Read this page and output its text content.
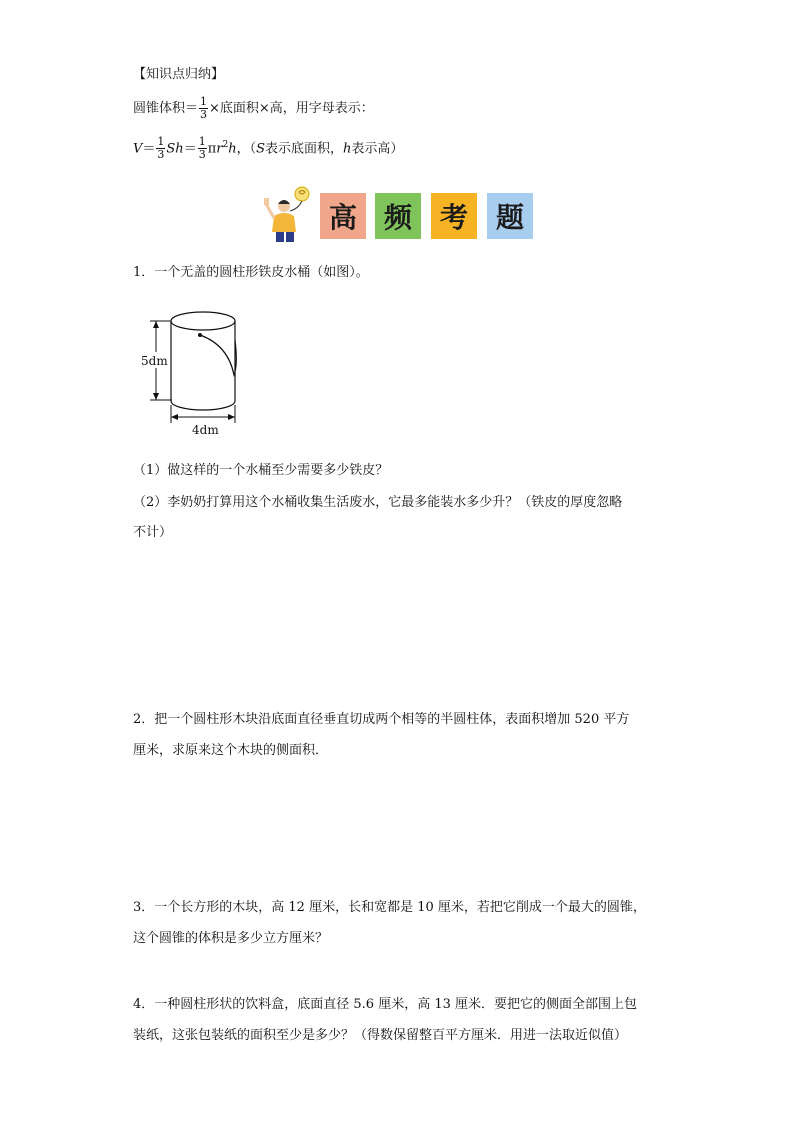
【知识点归纳】
圆锥体积＝ $\frac{1}{3}$ ×底面积×高，用字母表示：
$V= \frac{1}{3} Sh= \frac{1}{3} \pi r^2h$，（S表示底面积，h表示高）
高 频 考 题
1．一个无盖的圆柱形铁皮水桶（如图）。
5dm
4dm
（1）做这样的一个水桶至少需要多少铁皮？
（2）李奶奶打算用这个水桶收集生活废水，它最多能装水多少升？（铁皮的厚度忽略
不计）
2．把一个圆柱形木块沿底面直径垂直切成两个相等的半圆柱体，表面积增加 520 平方
厘米，求原来这个木块的侧面积．
3．一个长方形的木块，高 12 厘米，长和宽都是 10 厘米，若把它削成一个最大的圆锥，
这个圆锥的体积是多少立方厘米？
4．一种圆柱形状的饮料盒，底面直径 5.6 厘米，高 13 厘米．要把它的侧面全部围上包
装纸，这张包装纸的面积至少是多少？（得数保留整百平方厘米．用进一法取近似值）
